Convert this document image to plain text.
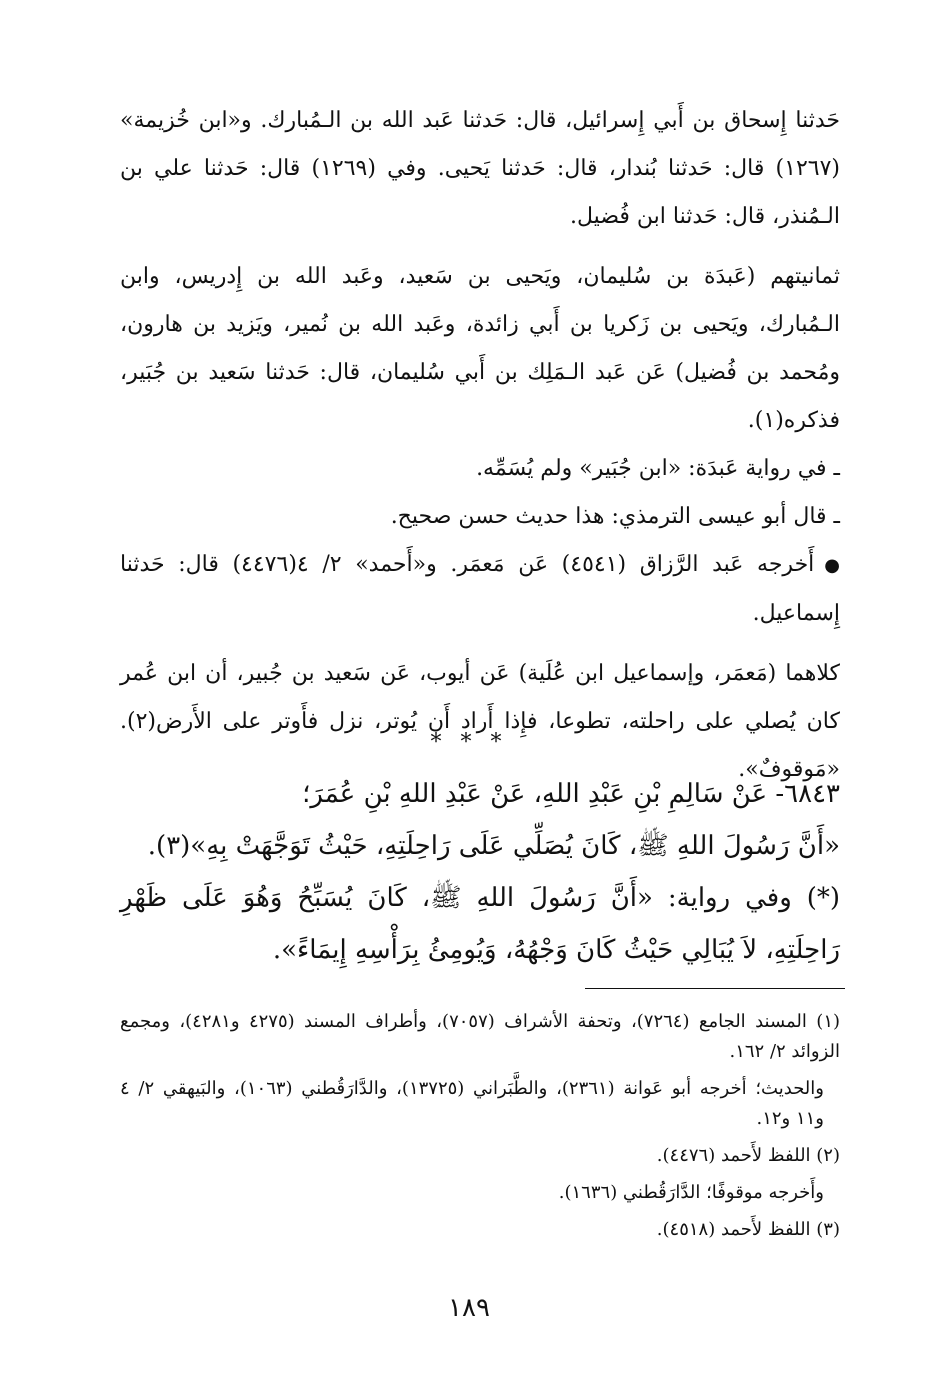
حَدثنا إِسحاق بن أَبي إِسرائيل، قال: حَدثنا عَبد الله بن الـمُبارك. و«ابن خُزيمة» (١٢٦٧) قال: حَدثنا بُندار، قال: حَدثنا يَحيى. وفي (١٢٦٩) قال: حَدثنا علي بن الـمُنذر، قال: حَدثنا ابن فُضيل.

ثمانيتهم (عَبدَة بن سُليمان، ويَحيى بن سَعيد، وعَبد الله بن إِدريس، وابن الـمُبارك، ويَحيى بن زَكريا بن أَبي زائدة، وعَبد الله بن نُمير، ويَزيد بن هارون، ومُحمد بن فُضيل) عَن عَبد الـمَلِك بن أَبي سُليمان، قال: حَدثنا سَعيد بن جُبَير، فذكره(١).

ـ في رواية عَبدَة: «ابن جُبَير» ولم يُسَمِّه.

ـ قال أبو عيسى الترمذي: هذا حديث حسن صحيح.

●أَخرجه عَبد الرَّزاق (٤٥٤١) عَن مَعمَر. و«أَحمد» ٢/ ٤(٤٤٧٦) قال: حَدثنا إِسماعيل.

كلاهما (مَعمَر، وإسماعيل ابن عُلَية) عَن أيوب، عَن سَعيد بن جُبير، أن ابن عُمر كان يُصلي على راحلته، تطوعا، فإِذا أَراد أَن يُوتر، نزل فأَوتر على الأَرض(٢). «مَوقوفٌ».

* * *

٦٨٤٣- عَنْ سَالِمِ بْنِ عَبْدِ اللهِ، عَنْ عَبْدِ اللهِ بْنِ عُمَرَ؛

«أَنَّ رَسُولَ اللهِ ﷺ، كَانَ يُصَلِّي عَلَى رَاحِلَتِهِ، حَيْثُ تَوَجَّهَتْ بِهِ»(٣).

(*) وفي رواية: «أَنَّ رَسُولَ اللهِ ﷺ، كَانَ يُسَبِّحُ وَهُوَ عَلَى ظَهْرِ رَاحِلَتِهِ، لاَ يُبَالِي حَيْثُ كَانَ وَجْهُهُ، وَيُومِئُ بِرَأْسِهِ إِيمَاءً».

(١) المسند الجامع (٧٢٦٤)، وتحفة الأشراف (٧٠٥٧)، وأطراف المسند (٤٢٧٥ و٤٢٨١)، ومجمع الزوائد ٢/ ١٦٢.

والحديث؛ أخرجه أبو عَوانة (٢٣٦١)، والطَّبَراني (١٣٧٢٥)، والدَّارَقُطني (١٠٦٣)، والبَيهقي ٢/ ٤ و١١ و١٢.

(٢) اللفظ لأَحمد (٤٤٧٦).

وأَخرجه موقوفًا؛ الدَّارَقُطني (١٦٣٦).

(٣) اللفظ لأَحمد (٤٥١٨).

١٨٩
